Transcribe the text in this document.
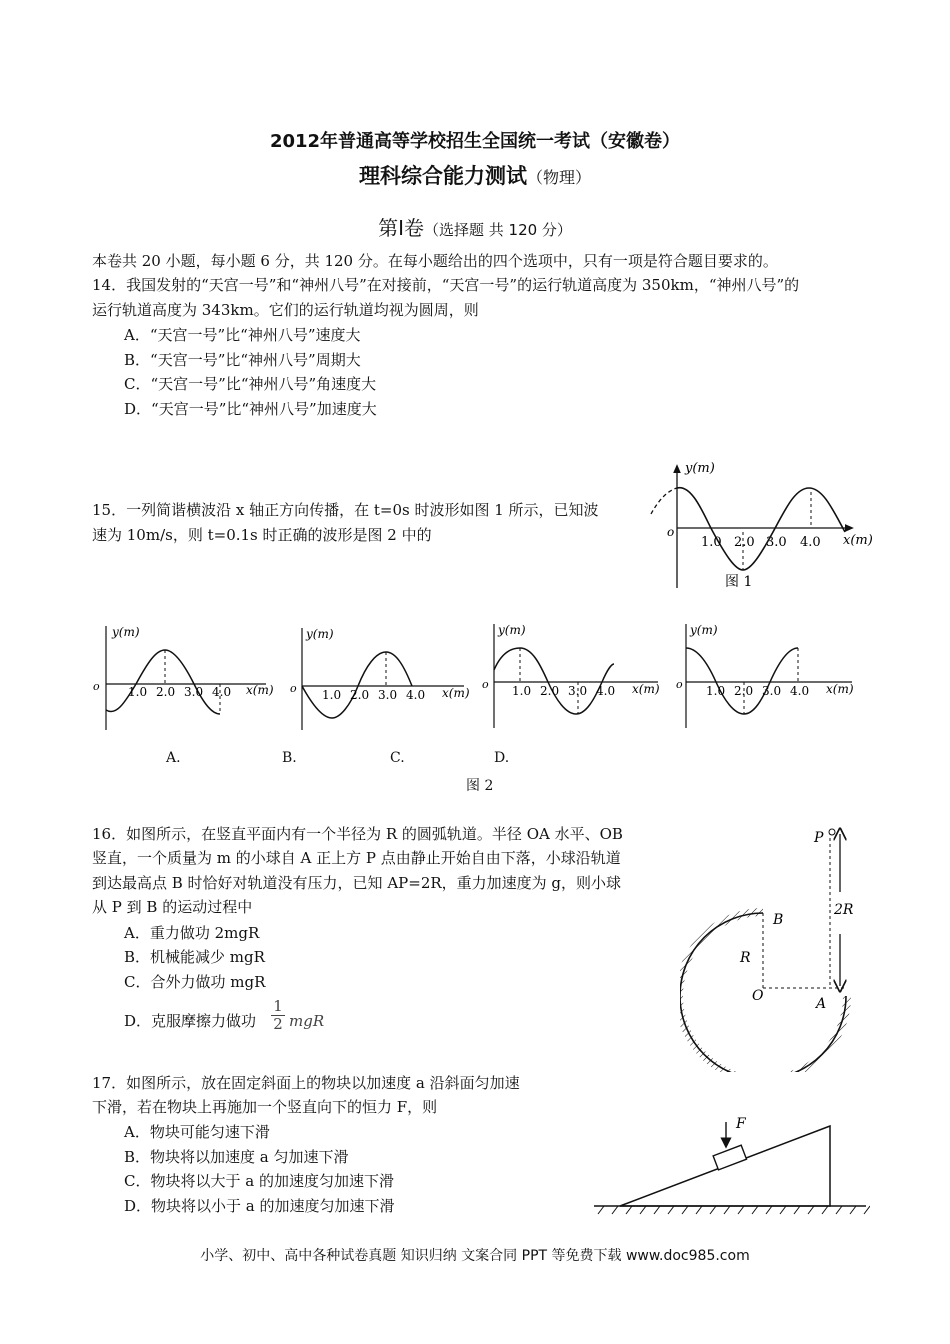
2012年普通高等学校招生全国统一考试（安徽卷）
理科综合能力测试（物理）
第Ⅰ卷（选择题 共 120 分）
本卷共 20 小题，每小题 6 分，共 120 分。在每小题给出的四个选项中，只有一项是符合题目要求的。
14．我国发射的“天宫一号”和“神州八号”在对接前，“天宫一号”的运行轨道高度为 350km，“神州八号”的
运行轨道高度为 343km。它们的运行轨道均视为圆周，则
A．“天宫一号”比“神州八号”速度大
B．“天宫一号”比“神州八号”周期大
C．“天宫一号”比“神州八号”角速度大
D．“天宫一号”比“神州八号”加速度大
15．一列简谐横波沿 x 轴正方向传播，在 t=0s 时波形如图 1 所示，已知波
速为 10m/s，则 t=0.1s 时正确的波形是图 2 中的
y(m)
o
1.0 2.0 3.0 4.0 x(m)
图 1
y(m)
o 1.0 2.0 3.0 4.0 x(m)
y(m)
o 1.0 2.0 3.0 4.0 x(m)
y(m)
o 1.0 2.0 3.0 4.0 x(m)
y(m)
o 1.0 2.0 3.0 4.0 x(m)
A.	B.	C.	D.
图 2
16．如图所示，在竖直平面内有一个半径为 R 的圆弧轨道。半径 OA 水平、OB
竖直，一个质量为 m 的小球自 A 正上方 P 点由静止开始自由下落，小球沿轨道
到达最高点 B 时恰好对轨道没有压力，已知 AP=2R，重力加速度为 g，则小球
从 P 到 B 的运动过程中
A．重力做功 2mgR
B．机械能减少 mgR
C．合外力做功 mgR
D．克服摩擦力做功 $\frac{1}{2}$ mgR
P
B
R
O	A
2R
17．如图所示，放在固定斜面上的物块以加速度 a 沿斜面匀加速
下滑，若在物块上再施加一个竖直向下的恒力 F，则
A．物块可能匀速下滑
B．物块将以加速度 a 匀加速下滑
C．物块将以大于 a 的加速度匀加速下滑
D．物块将以小于 a 的加速度匀加速下滑
F
小学、初中、高中各种试卷真题 知识归纳 文案合同 PPT 等免费下载 www.doc985.com
